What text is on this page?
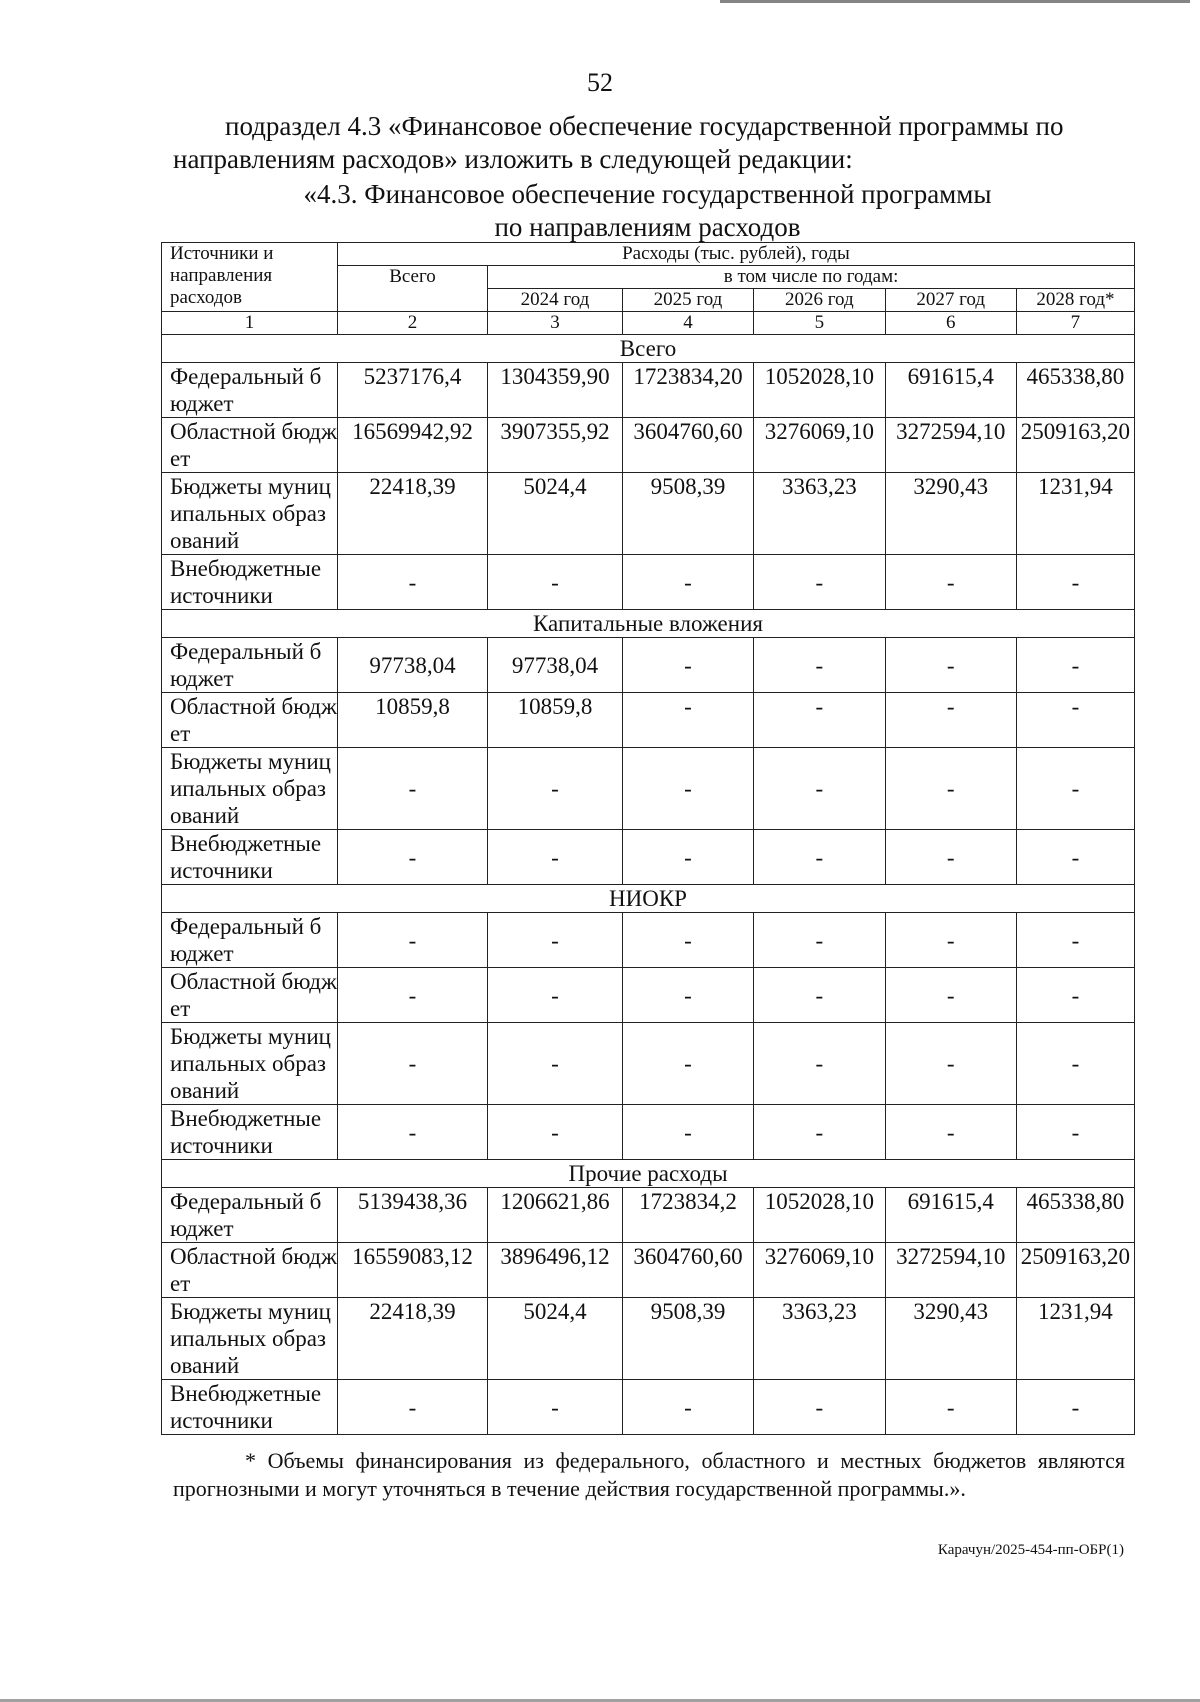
52
подраздел 4.3 «Финансовое обеспечение государственной программы по направлениям расходов» изложить в следующей редакции:
«4.3. Финансовое обеспечение государственной программы
по направлениям расходов
Источники и направления расходов	Расходы (тыс. рублей), годы					
	Всего	в том числе по годам:				
		2024 год	2025 год	2026 год	2027 год	2028 год*
1	2	3	4	5	6	7
Всего						
Федеральный бюджет	5237176,4	1304359,90	1723834,20	1052028,10	691615,4	465338,80
Областной бюджет	16569942,92	3907355,92	3604760,60	3276069,10	3272594,10	2509163,20
Бюджеты муниципальных образований	22418,39	5024,4	9508,39	3363,23	3290,43	1231,94
Внебюджетные источники	-	-	-	-	-	-
Капитальные вложения						
Федеральный бюджет	97738,04	97738,04	-	-	-	-
Областной бюджет	10859,8	10859,8	-	-	-	-
Бюджеты муниципальных образований	-	-	-	-	-	-
Внебюджетные источники	-	-	-	-	-	-
НИОКР						
Федеральный бюджет	-	-	-	-	-	-
Областной бюджет	-	-	-	-	-	-
Бюджеты муниципальных образований	-	-	-	-	-	-
Внебюджетные источники	-	-	-	-	-	-
Прочие расходы						
Федеральный бюджет	5139438,36	1206621,86	1723834,2	1052028,10	691615,4	465338,80
Областной бюджет	16559083,12	3896496,12	3604760,60	3276069,10	3272594,10	2509163,20
Бюджеты муниципальных образований	22418,39	5024,4	9508,39	3363,23	3290,43	1231,94
Внебюджетные источники	-	-	-	-	-	-
* Объемы финансирования из федерального, областного и местных бюджетов являются прогнозными и могут уточняться в течение действия государственной программы.».
Карачун/2025-454-пп-ОБР(1)
